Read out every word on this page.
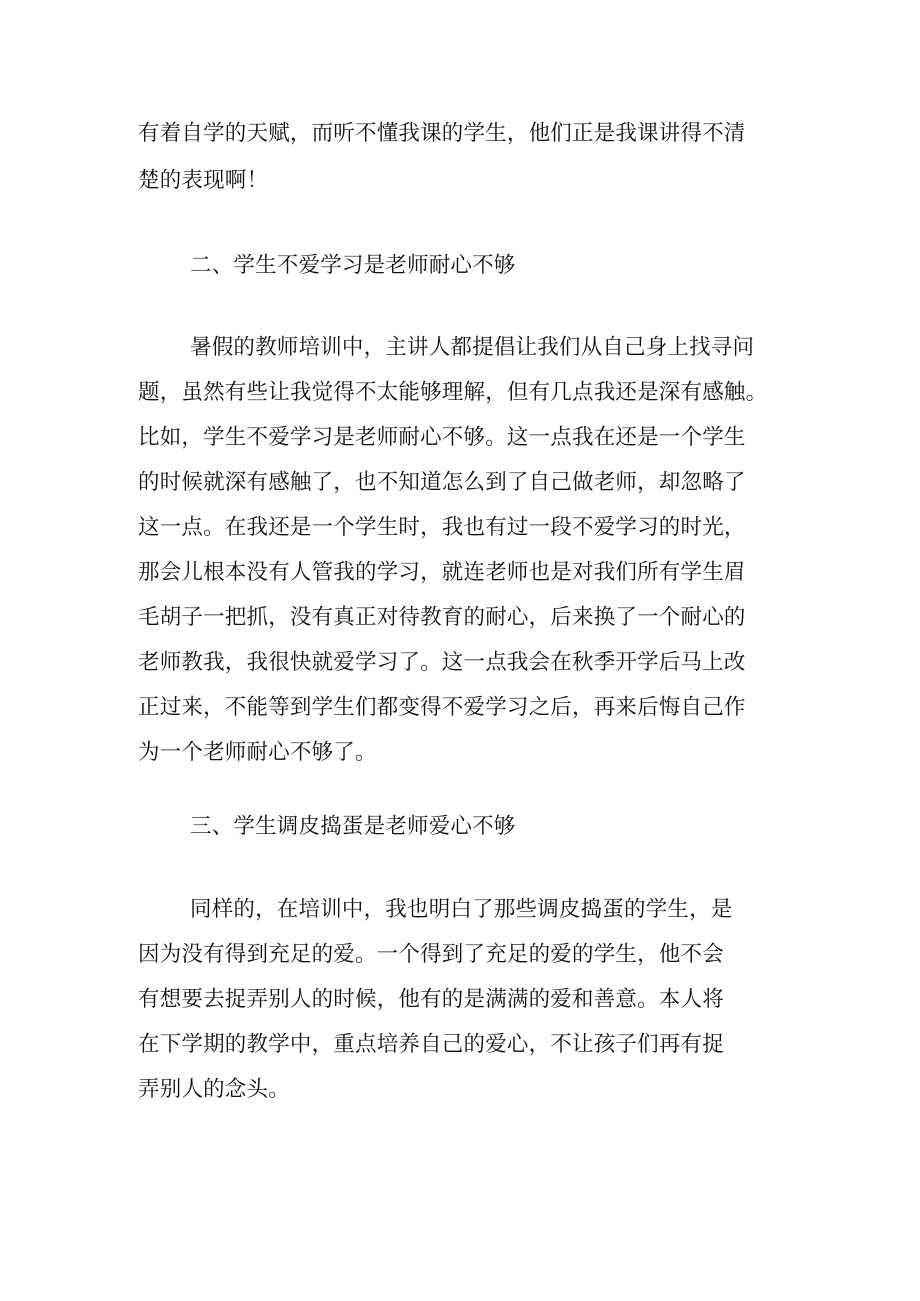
有着自学的天赋，而听不懂我课的学生，他们正是我课讲得不清

楚的表现啊！

二、学生不爱学习是老师耐心不够

暑假的教师培训中，主讲人都提倡让我们从自己身上找寻问

题，虽然有些让我觉得不太能够理解，但有几点我还是深有感触。

比如，学生不爱学习是老师耐心不够。这一点我在还是一个学生

的时候就深有感触了，也不知道怎么到了自己做老师，却忽略了

这一点。在我还是一个学生时，我也有过一段不爱学习的时光，

那会儿根本没有人管我的学习，就连老师也是对我们所有学生眉

毛胡子一把抓，没有真正对待教育的耐心，后来换了一个耐心的

老师教我，我很快就爱学习了。这一点我会在秋季开学后马上改

正过来，不能等到学生们都变得不爱学习之后，再来后悔自己作

为一个老师耐心不够了。

三、学生调皮捣蛋是老师爱心不够

同样的，在培训中，我也明白了那些调皮捣蛋的学生，是

因为没有得到充足的爱。一个得到了充足的爱的学生，他不会

有想要去捉弄别人的时候，他有的是满满的爱和善意。本人将

在下学期的教学中，重点培养自己的爱心，不让孩子们再有捉

弄别人的念头。
